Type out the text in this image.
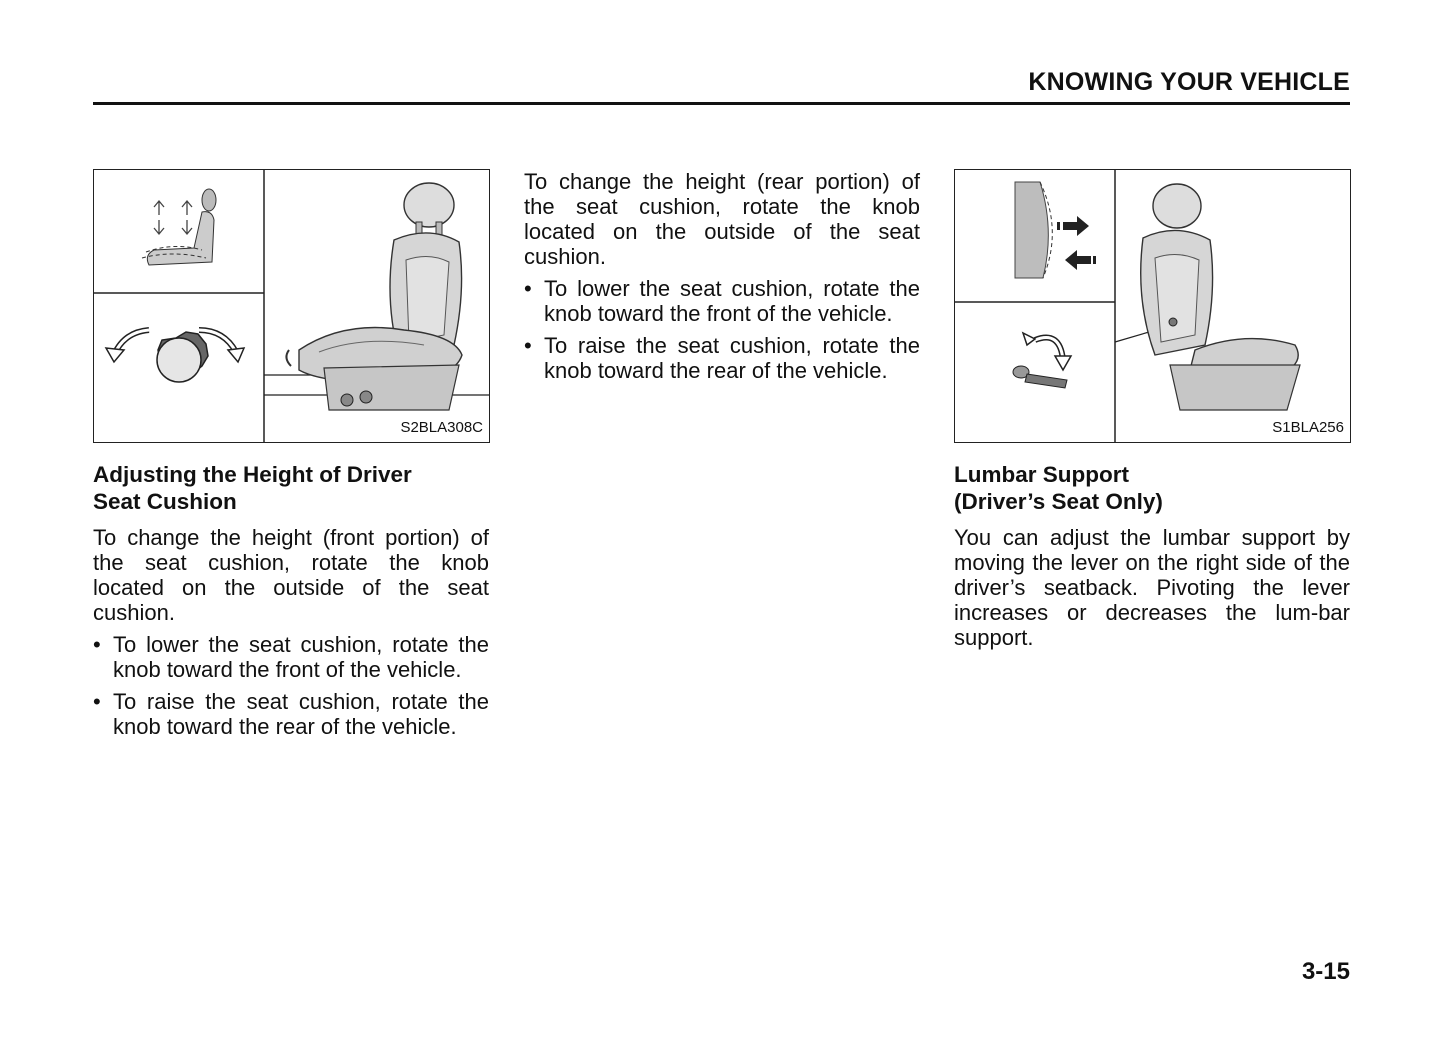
KNOWING YOUR VEHICLE
S2BLA308C
Adjusting the Height of Driver
Seat Cushion

To change the height (front portion) of the seat cushion, rotate the knob located on the outside of the seat cushion.

• To lower the seat cushion, rotate the knob toward the front of the vehicle.
• To raise the seat cushion, rotate the knob toward the rear of the vehicle.

To change the height (rear portion) of the seat cushion, rotate the knob located on the outside of the seat cushion.

• To lower the seat cushion, rotate the knob toward the front of the vehicle.
• To raise the seat cushion, rotate the knob toward the rear of the vehicle.
S1BLA256
Lumbar Support
(Driver’s Seat Only)

You can adjust the lumbar support by moving the lever on the right side of the driver’s seatback. Pivoting the lever increases or decreases the lum-bar support.

3-15
